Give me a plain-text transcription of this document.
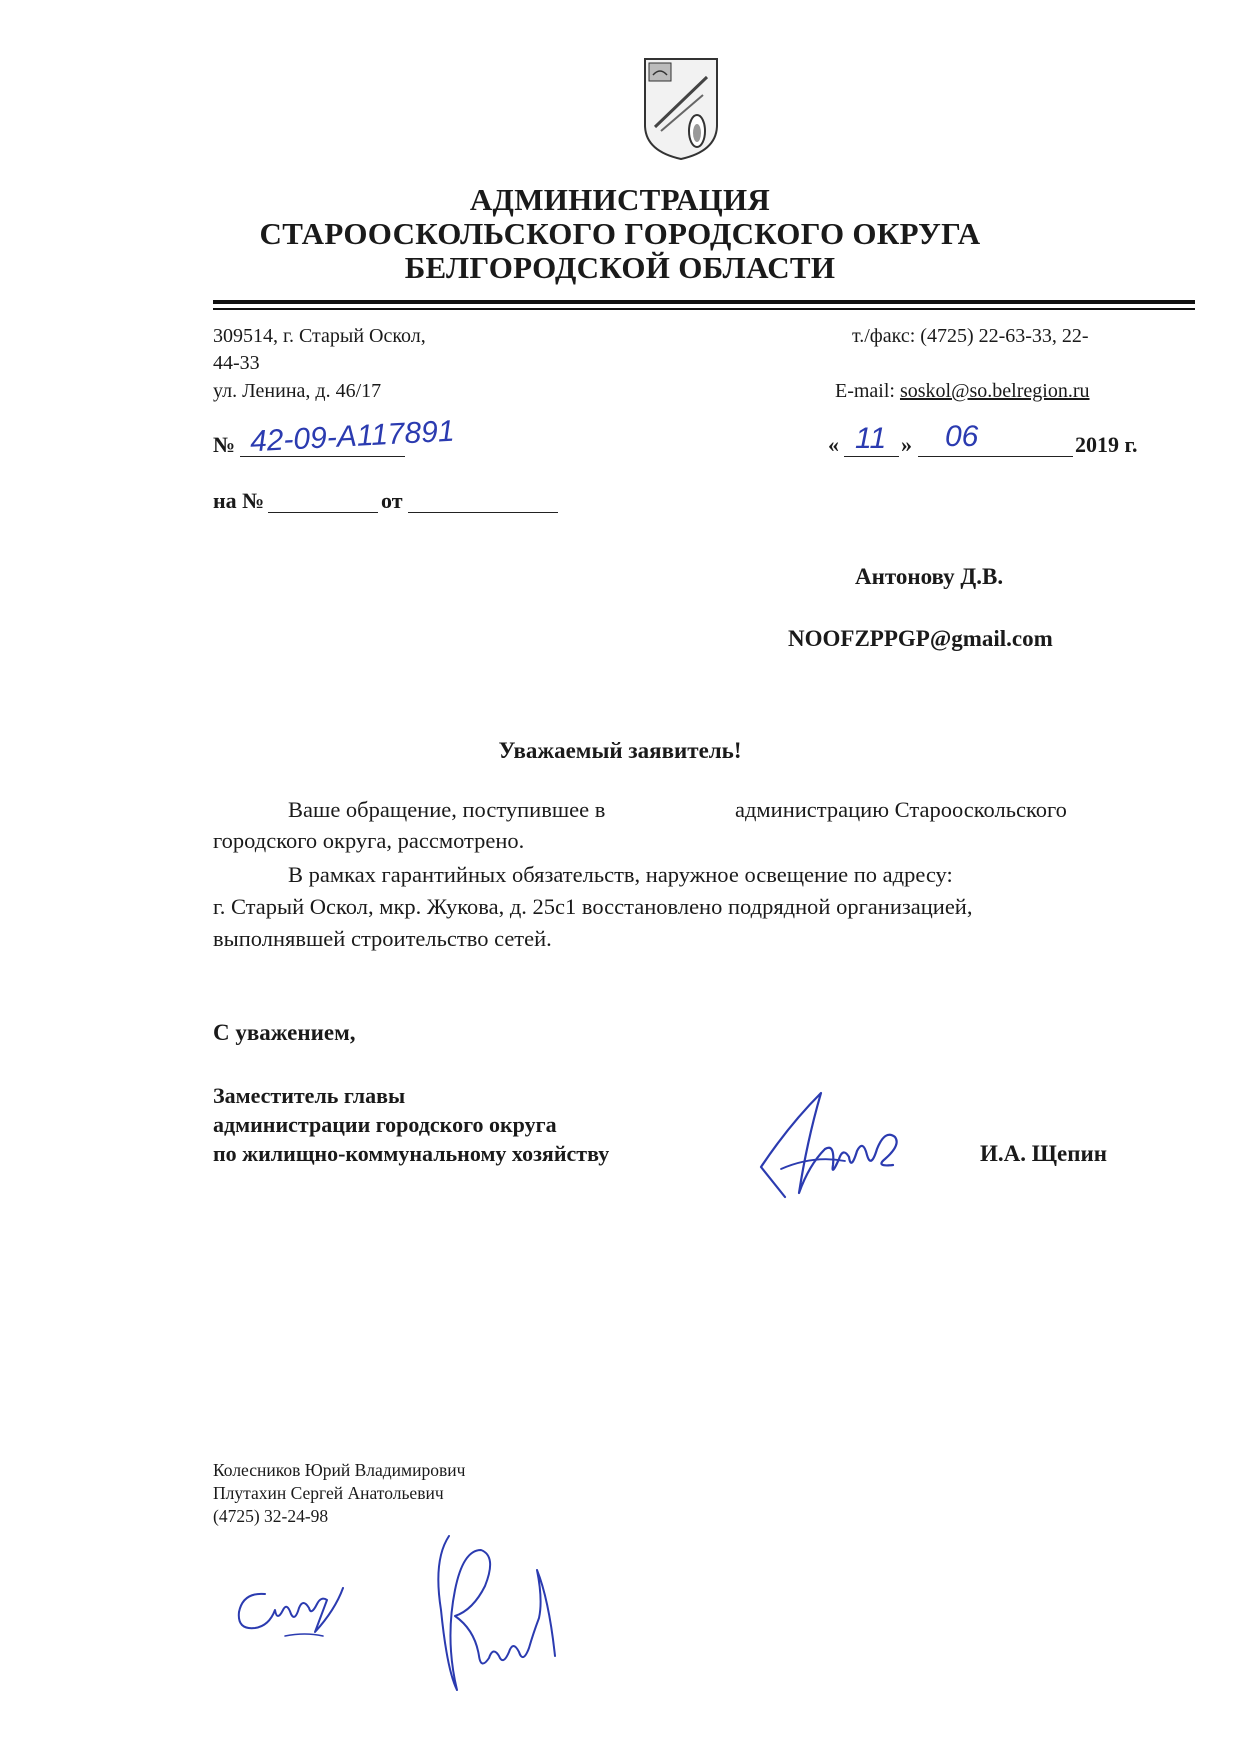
АДМИНИСТРАЦИЯ
СТАРООСКОЛЬСКОГО ГОРОДСКОГО ОКРУГА
БЕЛГОРОДСКОЙ ОБЛАСТИ
309514, г. Старый Оскол,
44-33
ул. Ленина, д. 46/17
т./факс: (4725) 22-63-33, 22-
E-mail: soskol@so.belregion.ru
№ 42-09-А117891	« 11 » 06	2019 г.
на №	от
Антонову Д.В.
NOOFZPPGP@gmail.com
Уважаемый заявитель!
Ваше обращение, поступившее в	администрацию Старооскольского
городского округа, рассмотрено.
В рамках гарантийных обязательств, наружное освещение по адресу:
г. Старый Оскол, мкр. Жукова, д. 25с1 восстановлено подрядной организацией,
выполнявшей строительство сетей.
С уважением,
Заместитель главы
администрации городского округа
по жилищно-коммунальному хозяйству	И.А. Щепин
Колесников Юрий Владимирович
Плутахин Сергей Анатольевич
(4725) 32-24-98
